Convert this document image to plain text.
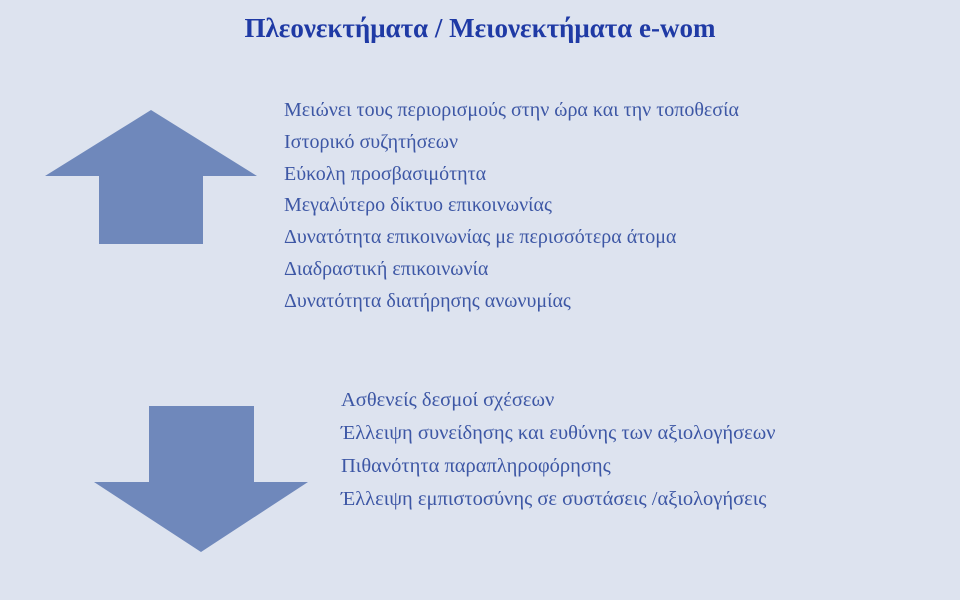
Πλεονεκτήματα / Μειονεκτήματα e-wom
Μειώνει τους περιορισμούς στην ώρα και την τοποθεσία
Ιστορικό συζητήσεων
Εύκολη προσβασιμότητα
Μεγαλύτερο δίκτυο επικοινωνίας
Δυνατότητα επικοινωνίας με περισσότερα άτομα
Διαδραστική επικοινωνία
Δυνατότητα διατήρησης ανωνυμίας
Ασθενείς δεσμοί σχέσεων
Έλλειψη συνείδησης και ευθύνης των αξιολογήσεων
Πιθανότητα παραπληροφόρησης
Έλλειψη εμπιστοσύνης σε συστάσεις /αξιολογήσεις
